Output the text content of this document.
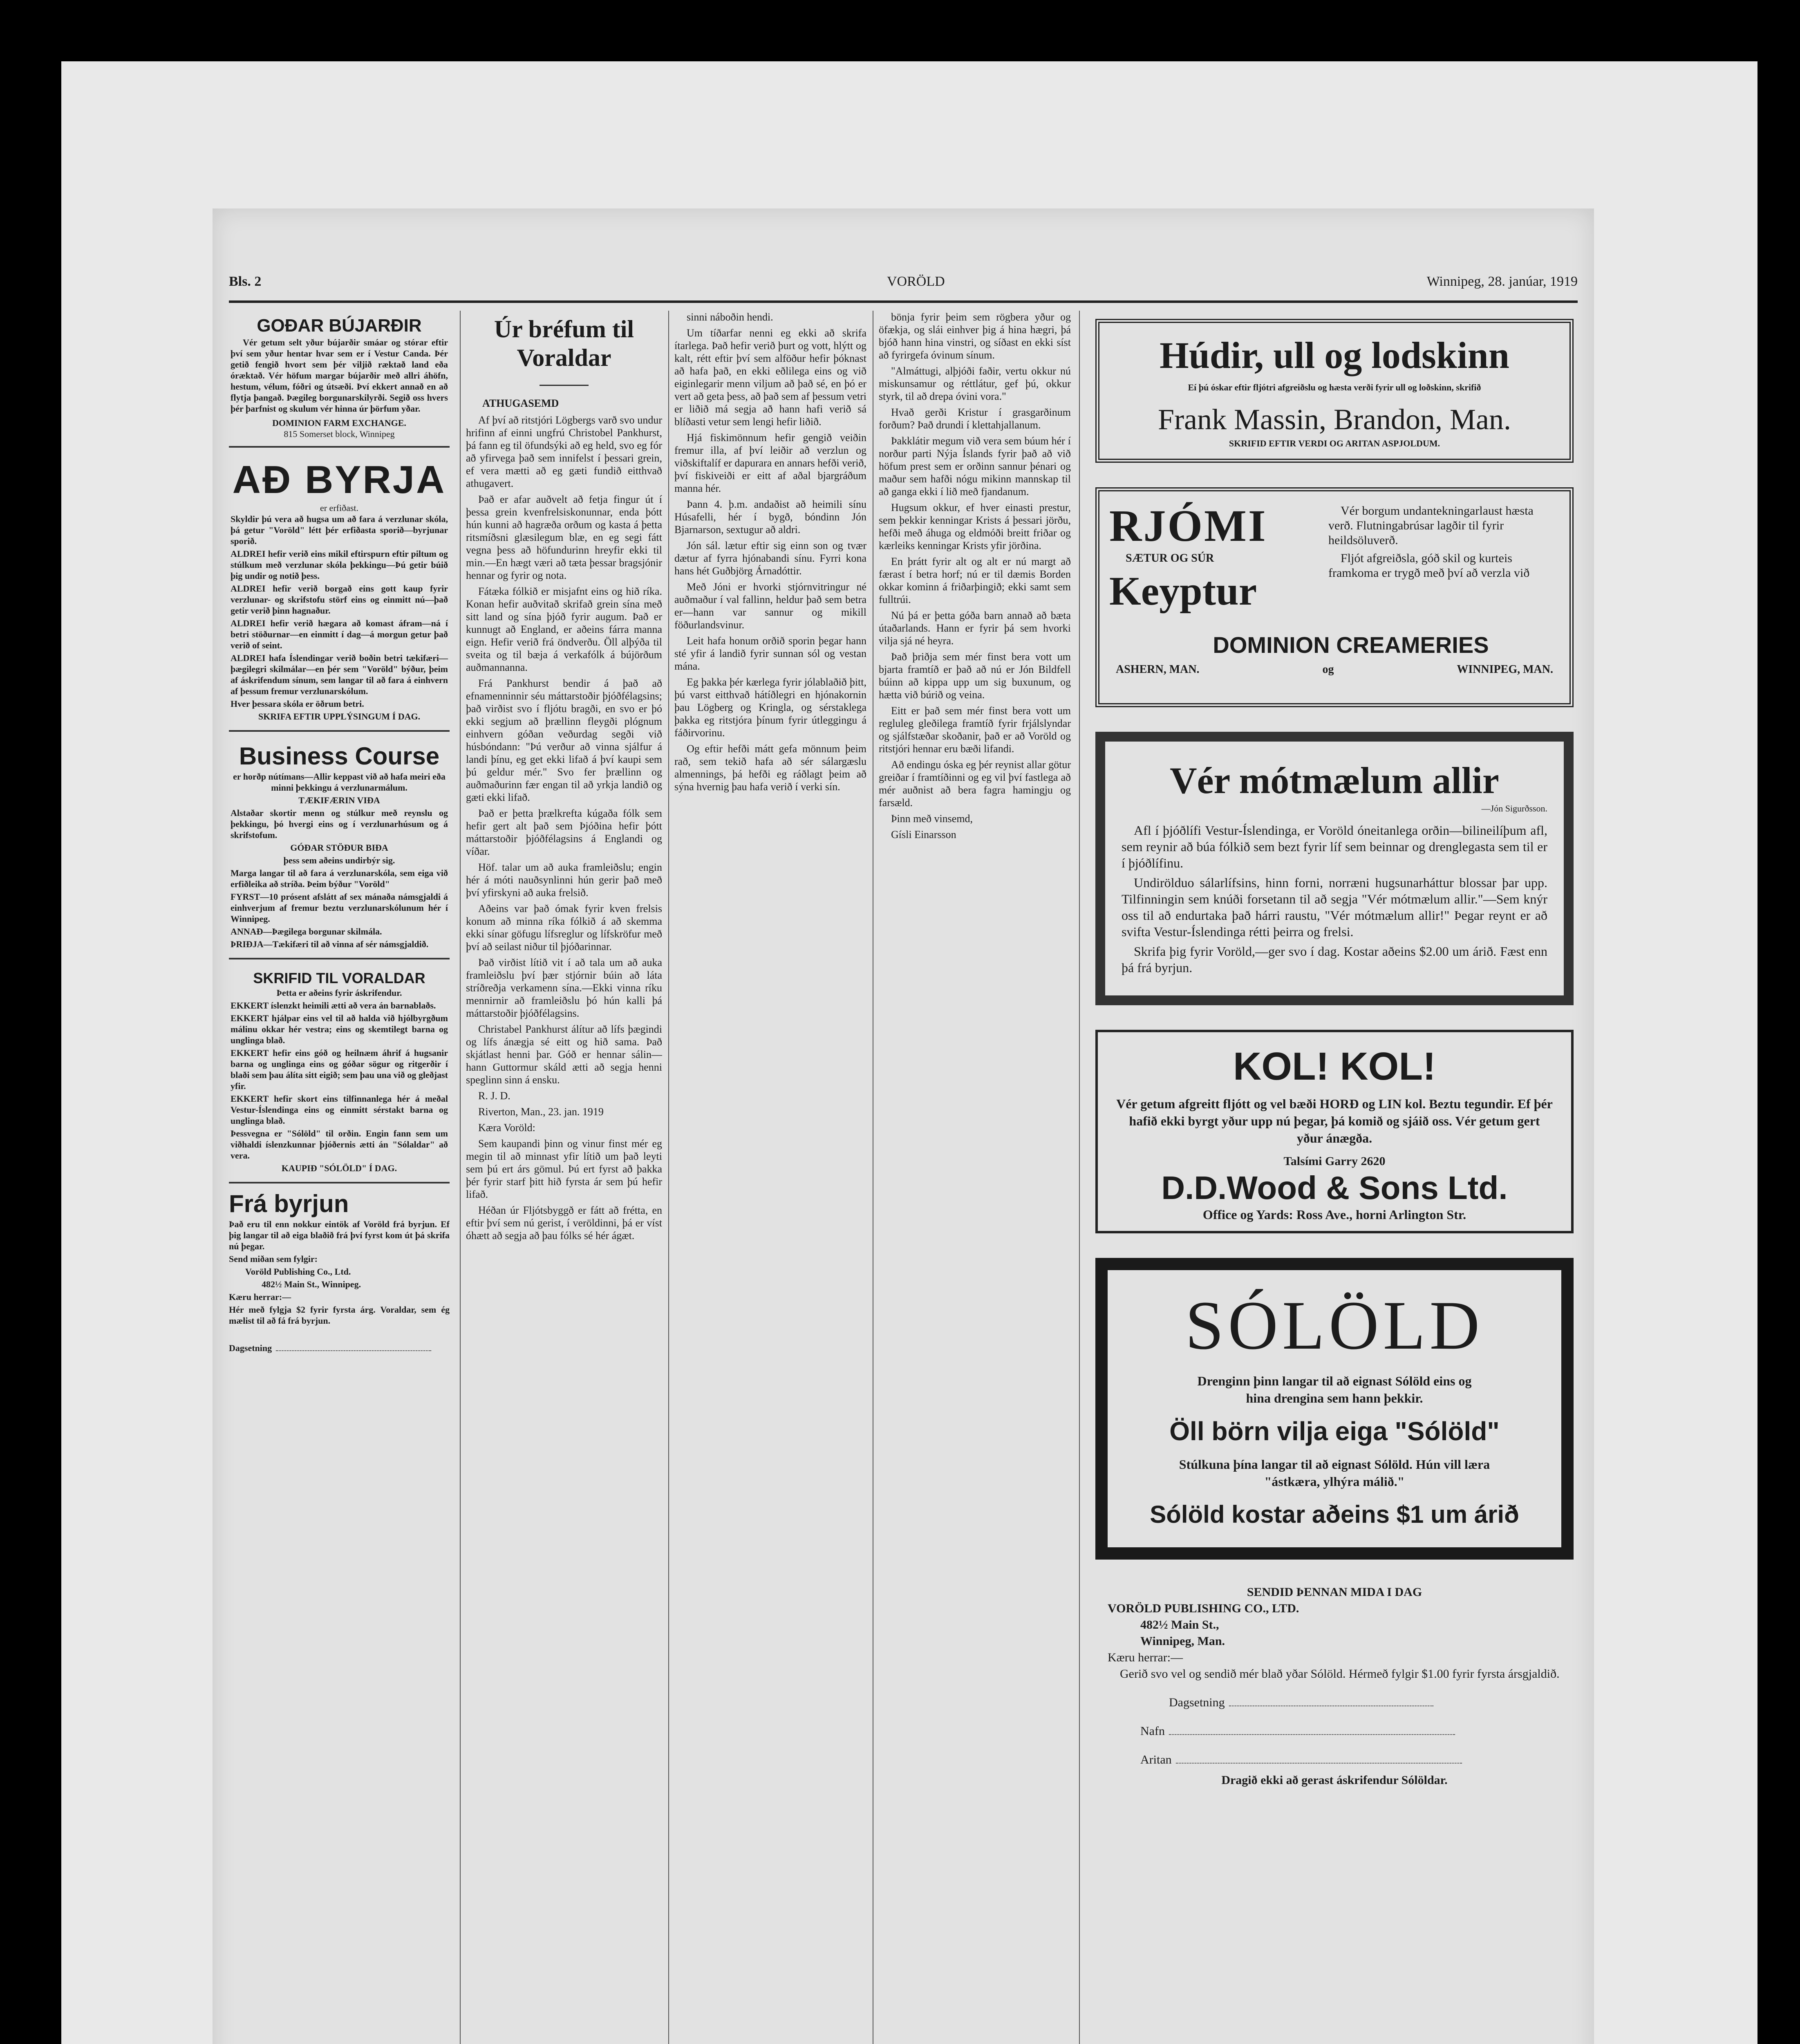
Bls. 2	VORÖLD	Winnipeg, 28. janúar, 1919
GOÐAR BÚJARÐIR

Vér getum selt yður bújarðir smáar og stórar eftir því sem yður hentar hvar sem er í Vestur Canda. Þér getið fengið hvort sem þér viljið ræktað land eða óræktað. Vér höfum margar bújarðir með allri áhöfn, hestum, vélum, fóðri og útsæði. Því ekkert annað en að flytja þangað. Þægileg borgunarskilyrði. Segið oss hvers þér þarfnist og skulum vér hinna úr þörfum yðar.

DOMINION FARM EXCHANGE.
815 Somerset block, Winnipeg
AÐ BYRJA
er erfiðast.

Skyldir þú vera að hugsa um að fara á verzlunar skóla, þá getur "Voröld" létt þér erfiðasta sporið—byrjunar sporið.

ALDREI hefir verið eins mikil eftirspurn eftir piltum og stúlkum með verzlunar skóla þekkingu—Þú getir búið þig undir og notið þess.

ALDREI hefir verið borgað eins gott kaup fyrir verzlunar- og skrifstofu störf eins og einmitt nú—það getir verið þinn hagnaður.

ALDREI hefir verið hægara að komast áfram—ná í betri stöðurnar—en einmitt í dag—á morgun getur það verið of seint.

ALDREI hafa Íslendingar verið boðin betri tækifæri—þægilegri skilmálar—en þér sem "Voröld" býður, þeim af áskrifendum sínum, sem langar til að fara á einhvern af þessum fremur verzlunarskólum.

Hver þessara skóla er öðrum betri.

SKRIFA EFTIR UPPLÝSINGUM Í DAG.

Business Course

er horðp nútímans—Allir keppast við að hafa meiri eða minni þekkingu á verzlunarmálum.

TÆKIFÆRIN VIÐA

Alstaðar skortir menn og stúlkur með reynslu og þekkingu, þó hvergi eins og í verzlunarhúsum og á skrifstofum.

GÓÐAR STÖÐUR BIÐA

þess sem aðeins undirbýr sig.

Marga langar til að fara á verzlunarskóla, sem eiga við erfiðleika að stríða. Þeim býður "Voröld"

FYRST—10 prósent afslátt af sex mánaða námsgjaldi á einhverjum af fremur beztu verzlunarskólunum hér í Winnipeg.

ANNAÐ—Þægilega borgunar skilmála.

ÞRIÐJA—Tækifæri til að vinna af sér námsgjaldið.

SKRIFID TIL VORALDAR

Þetta er aðeins fyrir áskrifendur.

EKKERT íslenzkt heimili ætti að vera án barnablaðs.

EKKERT hjálpar eins vel til að halda við hjólbyrgðum málinu okkar hér vestra; eins og skemtilegt barna og unglinga blað.

EKKERT hefir eins góð og heilnæm áhrif á hugsanir barna og unglinga eins og góðar sögur og ritgerðir í blaði sem þau álíta sitt eigið; sem þau una við og gleðjast yfir.

EKKERT hefir skort eins tilfinnanlega hér á meðal Vestur-Íslendinga eins og einmitt sérstakt barna og unglinga blað.

Þessvegna er "Sólöld" til orðin. Engin fann sem um viðhaldi íslenzkunnar þjóðernis ætti án "Sólaldar" að vera.

KAUPIÐ "SÓLÖLD" Í DAG.

Frá byrjun

Það eru til enn nokkur eintök af Voröld frá byrjun. Ef þig langar til að eiga blaðið frá því fyrst kom út þá skrifa nú þegar.

Send miðan sem fylgir:

Voröld Publishing Co., Ltd.

482½ Main St., Winnipeg.

Kæru herrar:—

Hér með fylgja $2 fyrir fyrsta árg. Voraldar, sem ég mælist til að fá frá byrjun.

Dagsetning

Úr bréfum til Voraldar

ATHUGASEMD

Af því að ritstjóri Lögbergs varð svo undur hrifinn af einni ungfrú Christobel Pankhurst, þá fann eg til öfundsýki að eg held, svo eg fór að yfirvega það sem innifelst í þessari grein, ef vera mætti að eg gæti fundið eitthvað athugavert.

Það er afar auðvelt að fetja fingur út í þessa grein kvenfrelsiskonunnar, enda þótt hún kunni að hagræða orðum og kasta á þetta ritsmíðsni glæsilegum blæ, en eg segi fátt vegna þess að höfundurinn hreyfir ekki til min.—En hægt væri að tæta þessar bragsjónir hennar og fyrir og nota.

Fátæka fólkið er misjafnt eins og hið ríka. Konan hefir auðvitað skrifað grein sína með sitt land og sína þjóð fyrir augum. Það er kunnugt að England, er aðeins fárra manna eign. Hefir verið frá öndverðu. Öll alþýða til sveita og til bæja á verkafólk á bújörðum auðmannanna.

Frá Pankhurst bendir á það að efnamenninnir séu máttarstoðir þjóðfélagsins; það virðist svo í fljótu bragði, en svo er þó ekki segjum að þrællinn fleygði plógnum einhvern góðan veðurdag segði við húsbóndann: "Þú verður að vinna sjálfur á landi þínu, eg get ekki lifað á því kaupi sem þú geldur mér." Svo fer þrællinn og auðmaðurinn fær engan til að yrkja landið og gæti ekki lifað.

Það er þetta þrælkrefta kúgaða fólk sem hefir gert alt það sem Þjóðina hefir þótt máttarstoðir þjóðfélagsins á Englandi og víðar.

Höf. talar um að auka framleiðslu; engin hér á móti nauðsynlinni hún gerir það með því yfirskyni að auka frelsið.

Aðeins var það ómak fyrir kven frelsis konum að minna ríka fólkið á að skemma ekki sínar göfugu lífsreglur og lífskröfur með því að seilast niður til þjóðarinnar.

Það virðist lítið vit í að tala um að auka framleiðslu því þær stjórnir búin að láta stríðreðja verkamenn sína.—Ekki vinna ríku mennirnir að framleiðslu þó hún kalli þá máttarstoðir þjóðfélagsins.

Christabel Pankhurst álítur að lífs þægindi og lífs ánægja sé eitt og hið sama. Það skjátlast henni þar. Góð er hennar sálin—hann Guttormur skáld ætti að segja henni speglinn sinn á ensku.

R. J. D.

Riverton, Man., 23. jan. 1919

Kæra Voröld:

Sem kaupandi þinn og vinur finst mér eg megin til að minnast yfir lítið um það leyti sem þú ert árs gömul. Þú ert fyrst að þakka þér fyrir starf þitt hið fyrsta ár sem þú hefir lifað.

Héðan úr Fljótsbyggð er fátt að frétta, en eftir því sem nú gerist, í veröldinni, þá er víst óhætt að segja að þau fólks sé hér ágæt.

sinni náboðin hendi.

Um tíðarfar nenni eg ekki að skrifa ítarlega. Það hefir verið þurt og vott, hlýtt og kalt, rétt eftir því sem alföður hefir þóknast að hafa það, en ekki eðlilega eins og við eiginlegarir menn viljum að það sé, en þó er vert að geta þess, að það sem af þessum vetri er liðið má segja að hann hafi verið sá blíðasti vetur sem lengi hefir liðið.

Hjá fiskimönnum hefir gengið veiðin fremur illa, af því leiðir að verzlun og viðskiftalíf er dapurara en annars hefði verið, því fiskiveiði er eitt af aðal bjargráðum manna hér.

Þann 4. þ.m. andaðist að heimili sínu Húsafelli, hér í bygð, bóndinn Jón Bjarnarson, sextugur að aldri.

Jón sál. lætur eftir sig einn son og tvær dætur af fyrra hjónabandi sínu. Fyrri kona hans hét Guðbjörg Árnadóttir.

Með Jóni er hvorki stjórnvitringur né auðmaður í val fallinn, heldur það sem betra er—hann var sannur og mikill föðurlandsvinur.

Leit hafa honum orðið sporin þegar hann sté yfir á landið fyrir sunnan sól og vestan mána.

Eg þakka þér kærlega fyrir jólablaðið þitt, þú varst eitthvað hátíðlegri en hjónakornin þau Lögberg og Kringla, og sérstaklega þakka eg ritstjóra þínum fyrir útleggingu á fáðirvorinu.

Og eftir hefði mátt gefa mönnum þeim rað, sem tekið hafa að sér sálargæslu almennings, þá hefði eg ráðlagt þeim að sýna hvernig þau hafa verið í verki sín.

bönja fyrir þeim sem rögbera yður og öfækja, og slái einhver þig á hina hægri, þá bjóð hann hina vinstri, og síðast en ekki síst að fyrirgefa óvinum sínum.

"Almáttugi, alþjóði faðir, vertu okkur nú miskunsamur og réttlátur, gef þú, okkur styrk, til að drepa óvini vora."

Hvað gerði Kristur í grasgarðinum forðum? Það drundi í klettahjallanum.

Þakklátir megum við vera sem búum hér í norður parti Nýja Íslands fyrir það að við höfum prest sem er orðinn sannur þénari og maður sem hafði nógu mikinn mannskap til að ganga ekki í lið með fjandanum.

Hugsum okkur, ef hver einasti prestur, sem þekkir kenningar Krists á þessari jörðu, hefði með áhuga og eldmóði breitt friðar og kærleiks kenningar Krists yfir jörðina.

En þrátt fyrir alt og alt er nú margt að færast í betra horf; nú er til dæmis Borden okkar kominn á friðarþingið; ekki samt sem fulltrúi.

Nú þá er þetta góða barn annað að bæta útaðarlands. Hann er fyrir þá sem hvorki vilja sjá né heyra.

Það þriðja sem mér finst bera vott um bjarta framtíð er það að nú er Jón Bildfell búinn að kippa upp um sig buxunum, og hætta við búrið og veina.

Eitt er það sem mér finst bera vott um regluleg gleðilega framtíð fyrir frjálslyndar og sjálfstæðar skoðanir, það er að Voröld og ritstjóri hennar eru bæði lifandi.

Að endingu óska eg þér reynist allar götur greiðar í framtíðinni og eg vil því fastlega að mér auðnist að bera fagra hamingju og farsæld.

Þinn með vinsemd,

Gísli Einarsson

Húdir, ull og lodskinn
Eí þú óskar eftir fljótri afgreiðslu og hæsta verði fyrir ull og loðskinn, skrifið
Frank Massin, Brandon, Man.
SKRIFID EFTIR VERDI OG ARITAN ASPJOLDUM.
RJÓMI
SÆTUR OG SÚR
Keyptur

Vér borgum undantekningarlaust hæsta verð. Flutningabrúsar lagðir til fyrir heildsöluverð.

Fljót afgreiðsla, góð skil og kurteis framkoma er trygð með því að verzla við

DOMINION CREAMERIES
ASHERN, MAN.	og	WINNIPEG, MAN.
Vér mótmælum allir
—Jón Sigurðsson.

Afl í þjóðlífi Vestur-Íslendinga, er Voröld óneitanlega orðin—bilineilíþum afl, sem reynir að búa fólkið sem bezt fyrir líf sem beinnar og drenglegasta sem til er í þjóðlífinu.

Undirölduo sálarlífsins, hinn forni, norræni hugsunarháttur blossar þar upp. Tilfinningin sem knúði forsetann til að segja "Vér mótmælum allir."—Sem knýr oss til að endurtaka það hárri raustu, "Vér mótmælum allir!" Þegar reynt er að svifta Vestur-Íslendinga rétti þeirra og frelsi.

Skrifa þig fyrir Voröld,—ger svo í dag. Kostar aðeins $2.00 um árið. Fæst enn þá frá byrjun.

KOL! KOL!

Vér getum afgreitt fljótt og vel bæði HORÐ og LIN kol. Beztu tegundir. Ef þér hafið ekki byrgt yður upp nú þegar, þá komið og sjáið oss. Vér getum gert yður ánægða.

Talsími Garry 2620
D.D.Wood & Sons Ltd.
Office og Yards: Ross Ave., horni Arlington Str.
SÓLÖLD

Drenginn þinn langar til að eignast Sólöld eins og hina drengina sem hann þekkir.

Öll börn vilja eiga "Sólöld"

Stúlkuna þína langar til að eignast Sólöld. Hún vill læra "ástkæra, ylhýra málið."

Sólöld kostar aðeins $1 um árið
SENDID ÞENNAN MIDA I DAG
VORÖLD PUBLISHING CO., LTD.
482½ Main St.,
Winnipeg, Man.
Kæru herrar:—

Gerið svo vel og sendið mér blað yðar Sólöld. Hérmeð fylgir $1.00 fyrir fyrsta ársgjaldið.

Dagsetning
Nafn
Aritan
Dragið ekki að gerast áskrifendur Sólöldar.
